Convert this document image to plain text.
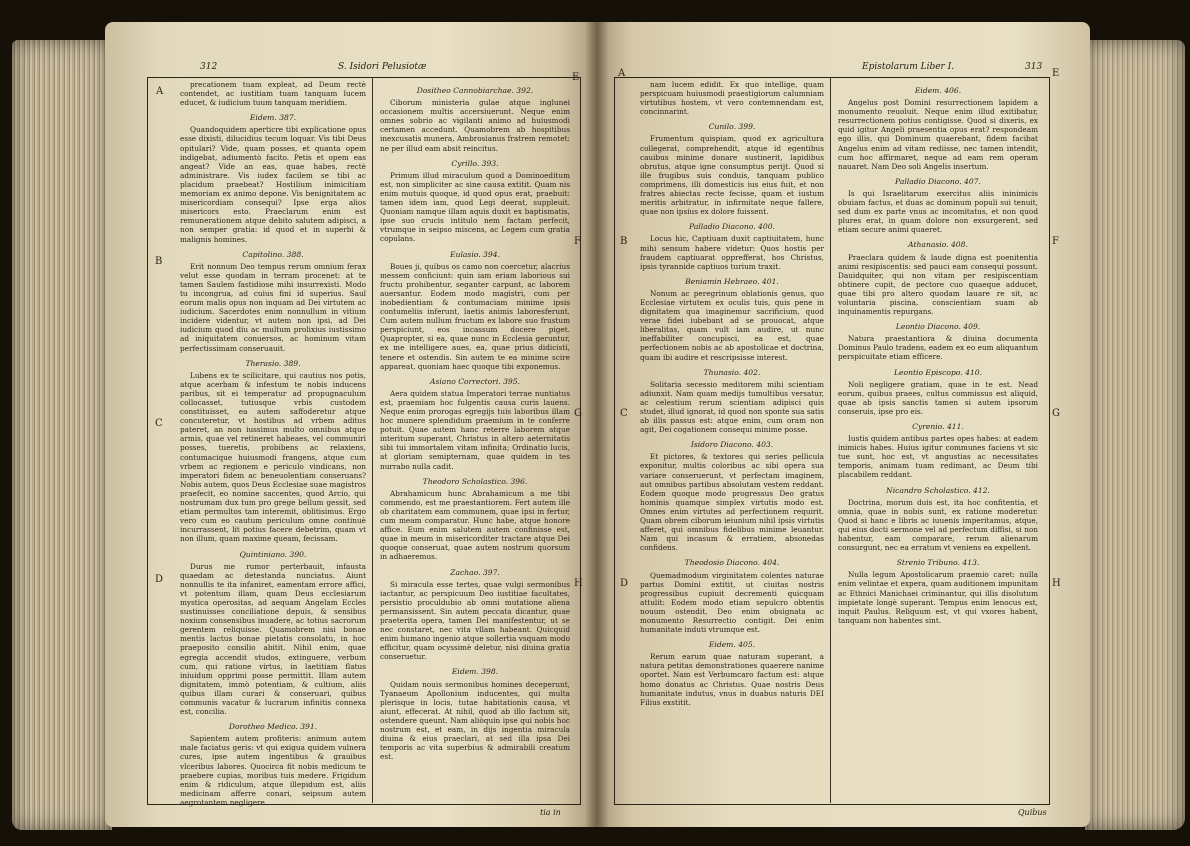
312	S. Isidori Pelusiotæ
A
B
C
D
E
F
G
H

precationem tuam expleat, ad Deum rectè contendet, ac iustitiam tuam tanquam lucem educet, & iudicium tuum tanquam meridiem.

Eidem. 387.

Quandoquidem aperticre tibi explicatione opus esse dixisti, dilucidius tecum loquar. Vis tibi Deus opitulari? Vide, quam posses, et quanta opem indigebat, adiumentò facito. Petis et opem eas angeat? Vide an eas, quae habes, rectè administrare. Vis iudex facilem se tibi ac placidum praebeat? Hostilium inimicitiam memoriam ex animo depone. Vis benignitatem ac misericordiam consequi? Ipse erga alios misericors esto. Praeclarum enim est remunerationem atque debito salutem adipisci, a non semper gratia: id quod et in superbi & malignis homines.

Capitolino. 388.

Erit nonnum Deo tempus rerum omnium ferax velut esse quodam in terram procenet: at te tamen Saulem fastidiose mihi insurrexisti. Modo tu incongrua, ad cuius fini id superius. Saul eorum malis opus non inquam ad Dei virtutem ac iudicium. Sacerdotes enim nonnullum in vitium incidere videntur, vt autem non ipsi, ad Dei iudicium quod diu ac multum prolixius iustissimo ad iniquitatem conuersos, ac hominum vitam perfectissimam conseruauit.

Therasio. 389.

Lubens ex te scilicitare, qui cautius nos potis, atque acerbam & infestum te nobis inducens paribus, sit ei temperatur ad propugnaculum collocasset, tutiusque vrbis custodem constituisset, ea autem saffoderetur atque concuteretur, vt hostibus ad vrbem aditus pateret, an non iussimus multo omnibus atque armis, quae vel retineret habeaes, vel communiri posses, tueretis, probibens ac relaxiens, contumacique huiusmodi frangens, atque cum vrbem ac regionem e periculo vindicans, non imperatori fidem ac beneuolentiam conseruans? Nobis autem, quos Deus Ecclesiae suae magistros praefecit, eo nomine saccentes, quod Arcio, qui nostrumam dux tum pro grege bellum gessit, sed etiam permultos tam interemit, oblitisimus. Ergo vero cum eo cautum periculum omne continuè incurrassent, lit potius facere debetrim, quam vt non illum, quam maxime queam, fecissam.

Quintiniano. 390.

Durus me rumor perterbauit, infausta quaedam ac detestanda nunciatus. Aiunt nonnullis te ita infaniret, eamentam errore affici, vt potentum illam, quam Deus ecclesiarum mystica operositas, ad aequam Angelam Eccles sustinuisses conciliatione depuis, & sensibus noxium consensibus inuadere, ac totius sacrorum gerentem reliquisse. Quamobrem nisi bonae mentis lactus bonae pietatis consolatu, in hoc praeposito consilio abitit. Nihil enim, quae egregia accendit studos, extinguere, verbum cum, qui ratione virtus, in laetitiam flatus iniuidum opprimi posse permittit. Illam autem dignitatem, immò potentiam, & cultium, aliis quibus illam curari & conseruari, quibus communis vacatur & lucrarum infinitis connexa est, concilia.

Dorotheo Medico. 391.

Sapientem autem profiteris: animum autem male faciatus geris: vt qui exigua quidem vulnera cures, ipse autem ingentibus & grauibus vlceribus labores. Quocirca fit nobis medicum te praebere cupias, moribus tuis medere. Frigidum enim & ridiculum, atque illepidum est, aliis medicinam afferre conari, seipsum autem aegrotantem negligere.

Dositheo Cannobiarchae. 392.

Ciborum ministeria gulae atque inglunei occasionem multis accersiuerunt. Neque enim omnes sobrio ac vigilanti animo ad huiusmodi certamen accedunt. Quamobrem ab hospitibus inexcusatis munera, Ambrosianus fratrem remotet: ne per illud eam absit reincitus.

Cyrillo. 393.

Primum illud miraculum quod a Dominoeditum est, non simpliciter ac sine causa extitit. Quam nis enim mutuis quoque, id quod opus erat, praebuit: tamen idem iam, quod Legi deerat, suppleuit. Quoniam namque illam aquis duxit ex baptismatis, ipse suo crucis intitulo nem factam perfecit, vtrumque in seipso miscens, ac Legem cum gratia copulans.

Eulasio. 394.

Boues ji, quibus os camo non coercetur, alacrius messem conficiunt: quin iam eriam laborious sui fructu prohibentur, seganter carpunt, ac laborem auersantur. Eodem modo magistri, cum per inobedientiam & contumaciam minime ipsis contumeliis inferunt, laetis animis laboresferunt. Cum autem nullum fructum ex labore suo frustum perspiciunt, eos incassum docere piget. Quapropter, si ea, quae nunc in Ecclesia geruntur, ex me intelligere aues, ea, quae prius didicisti, tenere et ostendis. Sin autem te ea minime scire appareat, quoniam haec quoque tibi exponemus.

Asiano Correctori. 395.

Aera quidem statua Imperatori terrae nuntiatus est, praemiam hoc fulgentis causa curis lauens. Neque enim prorogas egregijs tuis laboribus illam hoc munere splendidum praemium in te conferre potuit. Quae autem hanc reterre laborem atque interitum superant, Christus in altero aeternitatis sibi tui immortalem vitam infinita; Ordinatio lucis, at gloriam semipternam, quae quidem in tes nurrabo nulla cadit.

Theodoro Scholastico. 396.

Abrahamicum hunc Abrahamicum a me tibi commendo, est me praestantiorem. Fert autem ille ob charitatem eam communem, quae ipsi in fertur, cum meam comparatur. Hunc habe, atque honore affice. Eum enim salutem autem confinisse est, quae in meum in misericorditer tractare atque Dei quoque conseruat, quae autem nostrum quorsum in adhaeremus.

Zachao. 397.

Si miracula esse tertes, quae vulgi sermonibus iactantur, ac perspicuum Deo iustitiae facultates, persistio proculdubio ab omni mutatione aliena permansissent. Sin autem peccata dicantur, quae praeterita opera, tamen Dei manifestentur, ut se nec constaret, nec vita vllam habeant. Quicquid enim humano ingenio atque sollertia vsquam modo efficitur, quam ocyssimè deletur, nisi diuina gratia conseruetur.

Eidem. 398.

Quidam nouis sermonibus homines deceperunt, Tyanaeum Apollonium inducentes, qui multa plerisque in locis, tutae habitationis causa, vt aiunt, effecerat. At nihil, quod ab illo factum sit, ostendere queunt. Nam aliòquin ipse qui nobis hoc nostrum est, et eam, in dijs ingentia miracula diuina & eius praeclari, at sed illa ipsa Dei temporis ac vita superbius & admirabili creatum est.

tia in
Epistolarum Liber I.	313
A
B
C
D
E
F
G
H

nam lucem edidit. Ex quo intellige, quam perspicuam huiusmodi praestigiorum calumniam virtutibus hostem, vt vero contemnendam est, concinnarint.

Cunilo. 399.

Frumentum quispiam, quod ex agricultura collegerat, comprehendit, atque id egentibus cauibus minime donare sustinerit, lapidibus obrutus, atque igne consumptus perijt. Quod si ille frugibus suis conduis, tanquam publico comprimens, illi domesticis ius eius fuit, et non fratres abiectas recte fecisse, quam et iustum meritis arbitratur, in infirmitate neque fallere, quae non ipsius ex dolore fuissent.

Palladio Diacono. 400.

Locus hic, Captiuam duxit captiuitatem, hunc mihi sensum habere videtur: Quos hostis per fraudem captiuarat opprefferat, hos Christus, ipsis tyrannide captiuos turium traxit.

Beniamin Hebraeo. 401.

Nonum ac peregrinum oblationis genus, quo Ecclesiae virtutem ex oculis tuis, quis pene in dignitatem qua imaginemur sacrificium, quod verae fidei iubebant ad se prouocat, atque liberalitas, quam vult iam audire, ut nunc ineffabiliter concupisci, ea est, quae perfectionem nobis ac ab apostolicae et doctrina, quam ibi audire et rescripsisse interest.

Thunasio. 402.

Solitaria secessio meditorem mihi scientiam adiunxit. Nam quam medijs tumultibus versatur, ac celestium rerum scientiam adipisci quis studet, illud ignorat, id quod non sponte sua satis ab illis passus est: atque enim, cum oram non agit, Dei cogationem consequi minime posse.

Isidoro Diacono. 403.

Et pictores, & textores qui series pellicula exponitur, multis coloribus ac sibi opera sua variare conseruerunt, vt perfectam imaginem, aut omnibus partibus absolutam vestem reddant. Eodem quoque modo progressus Deo gratus hominis quamque simplex virtutis modo est. Omnes enim virtutes ad perfectionem requirit. Quam obrem ciborum ieiunium nihil ipsis virtutis afferet, qui omnibus fidelibus minime leuantur. Nam qui incasum & erratiem, absonedas confidens.

Theodosio Diacono. 404.

Quemadmodum virginitatem colentes naturae partus Domini extitit, ut ciuitas nostris progressibus cupiuit decrementi quicquam attulit: Eodem modo etiam sepulcro obtentis nouum ostendit, Deo enim obsignata ac monumento Resurrectio contigit. Dei enim humanitate induti vtrumque est.

Eidem. 405.

Rerum earum quae naturam superant, a natura petitas demonstrationes quaerere nanime oportet. Nam est Verbumcaro factum est: atque homo donatus ac Christus. Quae nostris Deus humanitate indutus, vnus in duabus naturis DEI Filius exstitit.

Eidem. 406.

Angelus post Domini resurrectionem lapidem a monumento reuoluit. Neque enim illud exitibatur, resurrectionem potius contigisse. Quod si dixeris, ex quid igitur Angeli praesentia opus erat? respondeam ego illis, qui Dominum quaerebant, fidem facibat Angelus enim ad vitam rediisse, nec tamen intendit, cum hoc affirmaret, neque ad eam rem operam nauaret. Nam Deo soli Angelis insertum.

Palladio Diacono. 407.

Is qui Israelitarum exercitus aliis ininimicis obuiam factus, et duas ac dominum populi sui tenuit, sed dum ex parte vnus ac incomitatus, et non quod plures erat, in quam dolore non exsurgerent, sed etiam secure animi quaeret.

Athanasio. 408.

Praeclara quidem & laude digna est poenitentia animi resipiscentis: sed pauci eam consequi possunt. Dauidquiter, qui non vitam per resipiscentiam obtinere cupit, de pectore cuo quaeque adducet, quae tibi pro altero quodam lauare re sit, ac voluntaria piscina, conscientiam suam ab inquinamentis repurgans.

Leontio Diacono. 409.

Natura praestantiora & diuina documenta Dominus Paulo tradens, eadem ex eo eum aliquantum perspicuitate etiam efficere.

Leontio Episcopo. 410.

Noli negligere gratiam, quae in te est. Nead eorum, quibus praees, cultus commissus est aliquid, quae ab ipsis sanctis tamen si autem ipsorum conseruis, ipse pro eis.

Cyrenio. 411.

Iustis quidem antibus partes opes habes: at eadem inimicis habes. Huius igitur communes faciens vt sic tue sunt, hoc est, vt angustias ac necessitates temporis, animam tuam redimant, ac Deum tibi placabilem reddant.

Nicandro Scholastico. 412.

Doctrina, morum duis est, ita hoc confitentia, et omnia, quae in nobis sunt, ex ratione moderetur. Quod si hanc e libris ac iuuenis imperitamus, atque, qui eius docti sermone vel ad perfectum diffisi, si non habentur, eam comparare, rerum alienarum consurgunt, nec ea erratum vt veniens ea expellent.

Strenio Tribuno. 413.

Nulla legum Apostolicarum praemio caret: nulla enim velintae et expera, quam auditionem impunitam ac Ethnici Manichaei criminantur, qui illis disolutum impietate longè superant. Tempus enim lenocus est, inquit Paulus. Reliquum est, vt qui vxores habent, tanquam non habentes sint.

Quibus
